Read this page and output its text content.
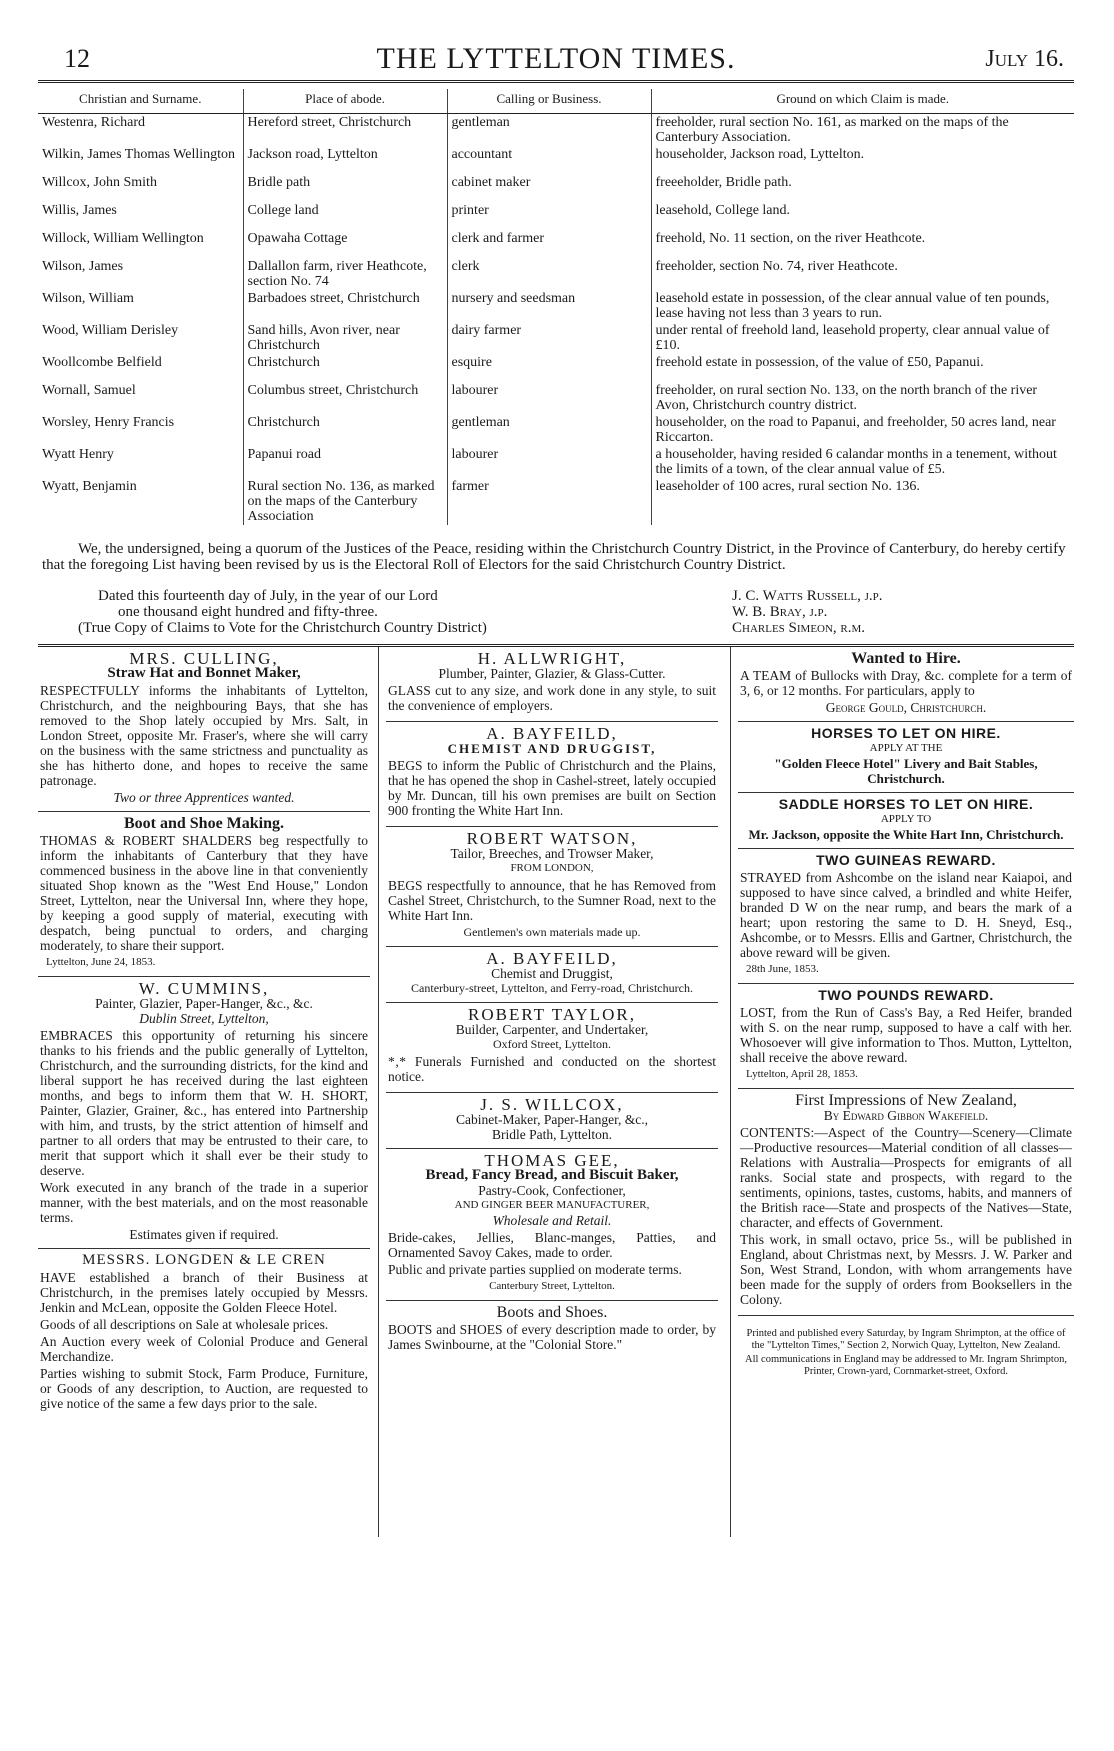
12	THE LYTTELTON TIMES.	July 16.
Christian and Surname.	Place of abode.	Calling or Business.	Ground on which Claim is made.
Westenra, Richard	Hereford street, Christchurch	gentleman	freeholder, rural section No. 161, as marked on the maps of the Canterbury Association.
Wilkin, James Thomas Wellington	Jackson road, Lyttelton	accountant	householder, Jackson road, Lyttelton.
Willcox, John Smith	Bridle path	cabinet maker	freeeholder, Bridle path.
Willis, James	College land	printer	leasehold, College land.
Willock, William Wellington	Opawaha Cottage	clerk and farmer	freehold, No. 11 section, on the river Heathcote.
Wilson, James	Dallallon farm, river Heathcote, section No. 74	clerk	freeholder, section No. 74, river Heathcote.
Wilson, William	Barbadoes street, Christchurch	nursery and seedsman	leasehold estate in possession, of the clear annual value of ten pounds, lease having not less than 3 years to run.
Wood, William Derisley	Sand hills, Avon river, near Christchurch	dairy farmer	under rental of freehold land, leasehold property, clear annual value of £10.
Woollcombe Belfield	Christchurch	esquire	freehold estate in possession, of the value of £50, Papanui.
Wornall, Samuel	Columbus street, Christchurch	labourer	freeholder, on rural section No. 133, on the north branch of the river Avon, Christchurch country district.
Worsley, Henry Francis	Christchurch	gentleman	householder, on the road to Papanui, and freeholder, 50 acres land, near Riccarton.
Wyatt Henry	Papanui road	labourer	a householder, having resided 6 calandar months in a tenement, without the limits of a town, of the clear annual value of £5.
Wyatt, Benjamin	Rural section No. 136, as marked on the maps of the Canterbury Association	farmer	leaseholder of 100 acres, rural section No. 136.

We, the undersigned, being a quorum of the Justices of the Peace, residing within the Christchurch Country District, in the Province of Canterbury, do hereby certify that the foregoing List having been revised by us is the Electoral Roll of Electors for the said Christchurch Country District.

Dated this fourteenth day of July, in the year of our Lord
one thousand eight hundred and fifty-three.
(True Copy of Claims to Vote for the Christchurch Country District)
J. C. Watts Russell, j.p.
W. B. Bray, j.p.
Charles Simeon, r.m.
MRS. CULLING,
Straw Hat and Bonnet Maker,

RESPECTFULLY informs the inhabitants of Lyttelton, Christchurch, and the neighbouring Bays, that she has removed to the Shop lately occupied by Mrs. Salt, in London Street, opposite Mr. Fraser's, where she will carry on the business with the same strictness and punctuality as she has hitherto done, and hopes to receive the same patronage.

Two or three Apprentices wanted.
Boot and Shoe Making.

THOMAS & ROBERT SHALDERS beg respectfully to inform the inhabitants of Canterbury that they have commenced business in the above line in that conveniently situated Shop known as the "West End House," London Street, Lyttelton, near the Universal Inn, where they hope, by keeping a good supply of material, executing with despatch, being punctual to orders, and charging moderately, to share their support.

Lyttelton, June 24, 1853.
W. CUMMINS,
Painter, Glazier, Paper-Hanger, &c., &c.
Dublin Street, Lyttelton,

EMBRACES this opportunity of returning his sincere thanks to his friends and the public generally of Lyttelton, Christchurch, and the surrounding districts, for the kind and liberal support he has received during the last eighteen months, and begs to inform them that W. H. SHORT, Painter, Glazier, Grainer, &c., has entered into Partnership with him, and trusts, by the strict attention of himself and partner to all orders that may be entrusted to their care, to merit that support which it shall ever be their study to deserve.

Work executed in any branch of the trade in a superior manner, with the best materials, and on the most reasonable terms.

Estimates given if required.
MESSRS. LONGDEN & LE CREN

HAVE established a branch of their Business at Christchurch, in the premises lately occupied by Messrs. Jenkin and McLean, opposite the Golden Fleece Hotel.

Goods of all descriptions on Sale at wholesale prices.

An Auction every week of Colonial Produce and General Merchandize.

Parties wishing to submit Stock, Farm Produce, Furniture, or Goods of any description, to Auction, are requested to give notice of the same a few days prior to the sale.

H. ALLWRIGHT,
Plumber, Painter, Glazier, & Glass-Cutter.

GLASS cut to any size, and work done in any style, to suit the convenience of employers.

A. BAYFEILD,
CHEMIST AND DRUGGIST,

BEGS to inform the Public of Christchurch and the Plains, that he has opened the shop in Cashel-street, lately occupied by Mr. Duncan, till his own premises are built on Section 900 fronting the White Hart Inn.

ROBERT WATSON,
Tailor, Breeches, and Trowser Maker,
FROM LONDON,

BEGS respectfully to announce, that he has Removed from Cashel Street, Christchurch, to the Sumner Road, next to the White Hart Inn.

Gentlemen's own materials made up.
A. BAYFEILD,
Chemist and Druggist,
Canterbury-street, Lyttelton, and Ferry-road, Christchurch.
ROBERT TAYLOR,
Builder, Carpenter, and Undertaker,
Oxford Street, Lyttelton.

*‚* Funerals Furnished and conducted on the shortest notice.

J. S. WILLCOX,
Cabinet-Maker, Paper-Hanger, &c.,
Bridle Path, Lyttelton.
THOMAS GEE,
Bread, Fancy Bread, and Biscuit Baker,
Pastry-Cook, Confectioner,
AND GINGER BEER MANUFACTURER,
Wholesale and Retail.

Bride-cakes, Jellies, Blanc-manges, Patties, and Ornamented Savoy Cakes, made to order.

Public and private parties supplied on moderate terms.

Canterbury Street, Lyttelton.
Boots and Shoes.

BOOTS and SHOES of every description made to order, by James Swinbourne, at the "Colonial Store."

Wanted to Hire.

A TEAM of Bullocks with Dray, &c. complete for a term of 3, 6, or 12 months. For particulars, apply to

George Gould, Christchurch.
HORSES TO LET ON HIRE.
APPLY AT THE
"Golden Fleece Hotel" Livery and Bait Stables, Christchurch.
SADDLE HORSES TO LET ON HIRE.
APPLY TO
Mr. Jackson, opposite the White Hart Inn, Christchurch.
TWO GUINEAS REWARD.

STRAYED from Ashcombe on the island near Kaiapoi, and supposed to have since calved, a brindled and white Heifer, branded D W on the near rump, and bears the mark of a heart; upon restoring the same to D. H. Sneyd, Esq., Ashcombe, or to Messrs. Ellis and Gartner, Christchurch, the above reward will be given.

28th June, 1853.
TWO POUNDS REWARD.

LOST, from the Run of Cass's Bay, a Red Heifer, branded with S. on the near rump, supposed to have a calf with her. Whosoever will give information to Thos. Mutton, Lyttelton, shall receive the above reward.

Lyttelton, April 28, 1853.
First Impressions of New Zealand,
By Edward Gibbon Wakefield.

CONTENTS:—Aspect of the Country—Scenery—Climate—Productive resources—Material condition of all classes—Relations with Australia—Prospects for emigrants of all ranks. Social state and prospects, with regard to the sentiments, opinions, tastes, customs, habits, and manners of the British race—State and prospects of the Natives—State, character, and effects of Government.

This work, in small octavo, price 5s., will be published in England, about Christmas next, by Messrs. J. W. Parker and Son, West Strand, London, with whom arrangements have been made for the supply of orders from Booksellers in the Colony.

Printed and published every Saturday, by Ingram Shrimpton, at the office of the "Lyttelton Times," Section 2, Norwich Quay, Lyttelton, New Zealand.
All communications in England may be addressed to Mr. Ingram Shrimpton, Printer, Crown-yard, Cornmarket-street, Oxford.
